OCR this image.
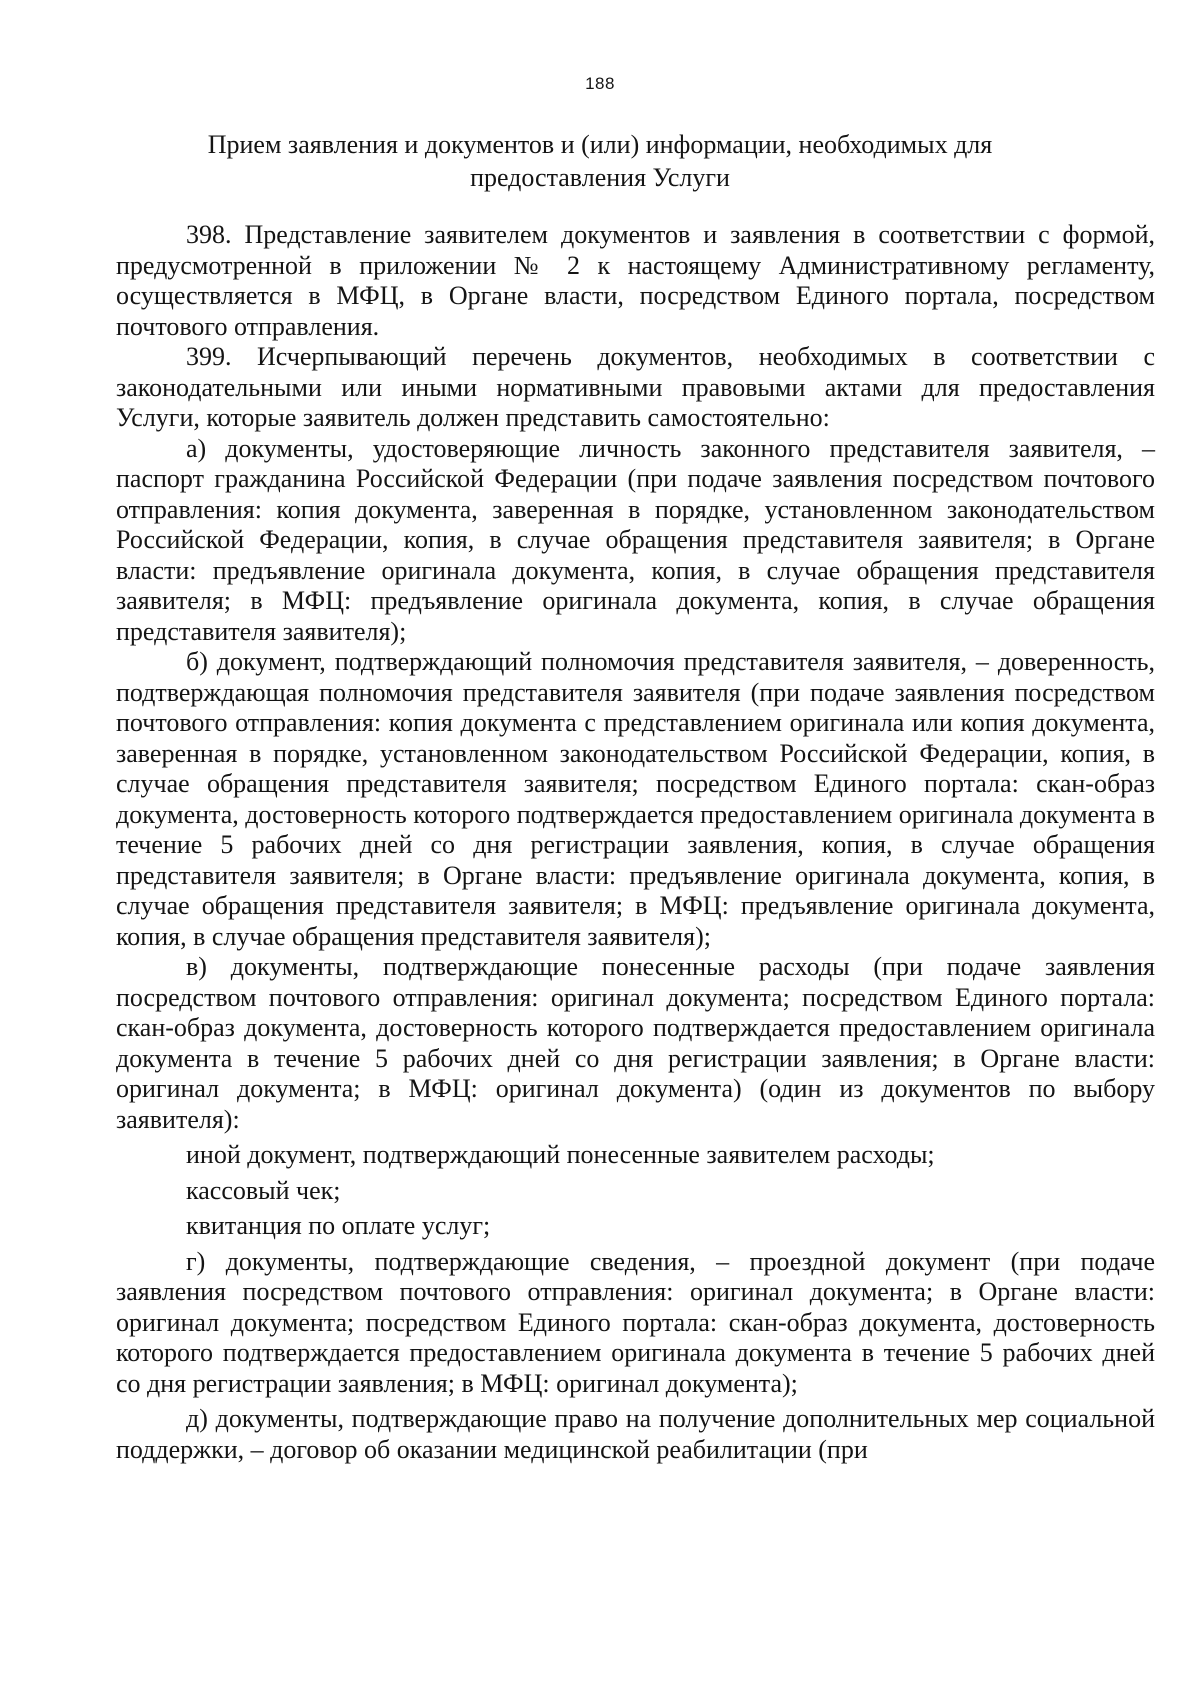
188
Прием заявления и документов и (или) информации, необходимых для предоставления Услуги

398. Представление заявителем документов и заявления в соответствии с формой, предусмотренной в приложении № 2 к настоящему Административному регламенту, осуществляется в МФЦ, в Органе власти, посредством Единого портала, посредством почтового отправления.

399. Исчерпывающий перечень документов, необходимых в соответствии с законодательными или иными нормативными правовыми актами для предоставления Услуги, которые заявитель должен представить самостоятельно:

а) документы, удостоверяющие личность законного представителя заявителя, – паспорт гражданина Российской Федерации (при подаче заявления посредством почтового отправления: копия документа, заверенная в порядке, установленном законодательством Российской Федерации, копия, в случае обращения представителя заявителя; в Органе власти: предъявление оригинала документа, копия, в случае обращения представителя заявителя; в МФЦ: предъявление оригинала документа, копия, в случае обращения представителя заявителя);

б) документ, подтверждающий полномочия представителя заявителя, – доверенность, подтверждающая полномочия представителя заявителя (при подаче заявления посредством почтового отправления: копия документа с представлением оригинала или копия документа, заверенная в порядке, установленном законодательством Российской Федерации, копия, в случае обращения представителя заявителя; посредством Единого портала: скан-образ документа, достоверность которого подтверждается предоставлением оригинала документа в течение 5 рабочих дней со дня регистрации заявления, копия, в случае обращения представителя заявителя; в Органе власти: предъявление оригинала документа, копия, в случае обращения представителя заявителя; в МФЦ: предъявление оригинала документа, копия, в случае обращения представителя заявителя);

в) документы, подтверждающие понесенные расходы (при подаче заявления посредством почтового отправления: оригинал документа; посредством Единого портала: скан-образ документа, достоверность которого подтверждается предоставлением оригинала документа в течение 5 рабочих дней со дня регистрации заявления; в Органе власти: оригинал документа; в МФЦ: оригинал документа) (один из документов по выбору заявителя):

иной документ, подтверждающий понесенные заявителем расходы;

кассовый чек;

квитанция по оплате услуг;

г) документы, подтверждающие сведения, – проездной документ (при подаче заявления посредством почтового отправления: оригинал документа; в Органе власти: оригинал документа; посредством Единого портала: скан-образ документа, достоверность которого подтверждается предоставлением оригинала документа в течение 5 рабочих дней со дня регистрации заявления; в МФЦ: оригинал документа);

д) документы, подтверждающие право на получение дополнительных мер социальной поддержки, – договор об оказании медицинской реабилитации (при
